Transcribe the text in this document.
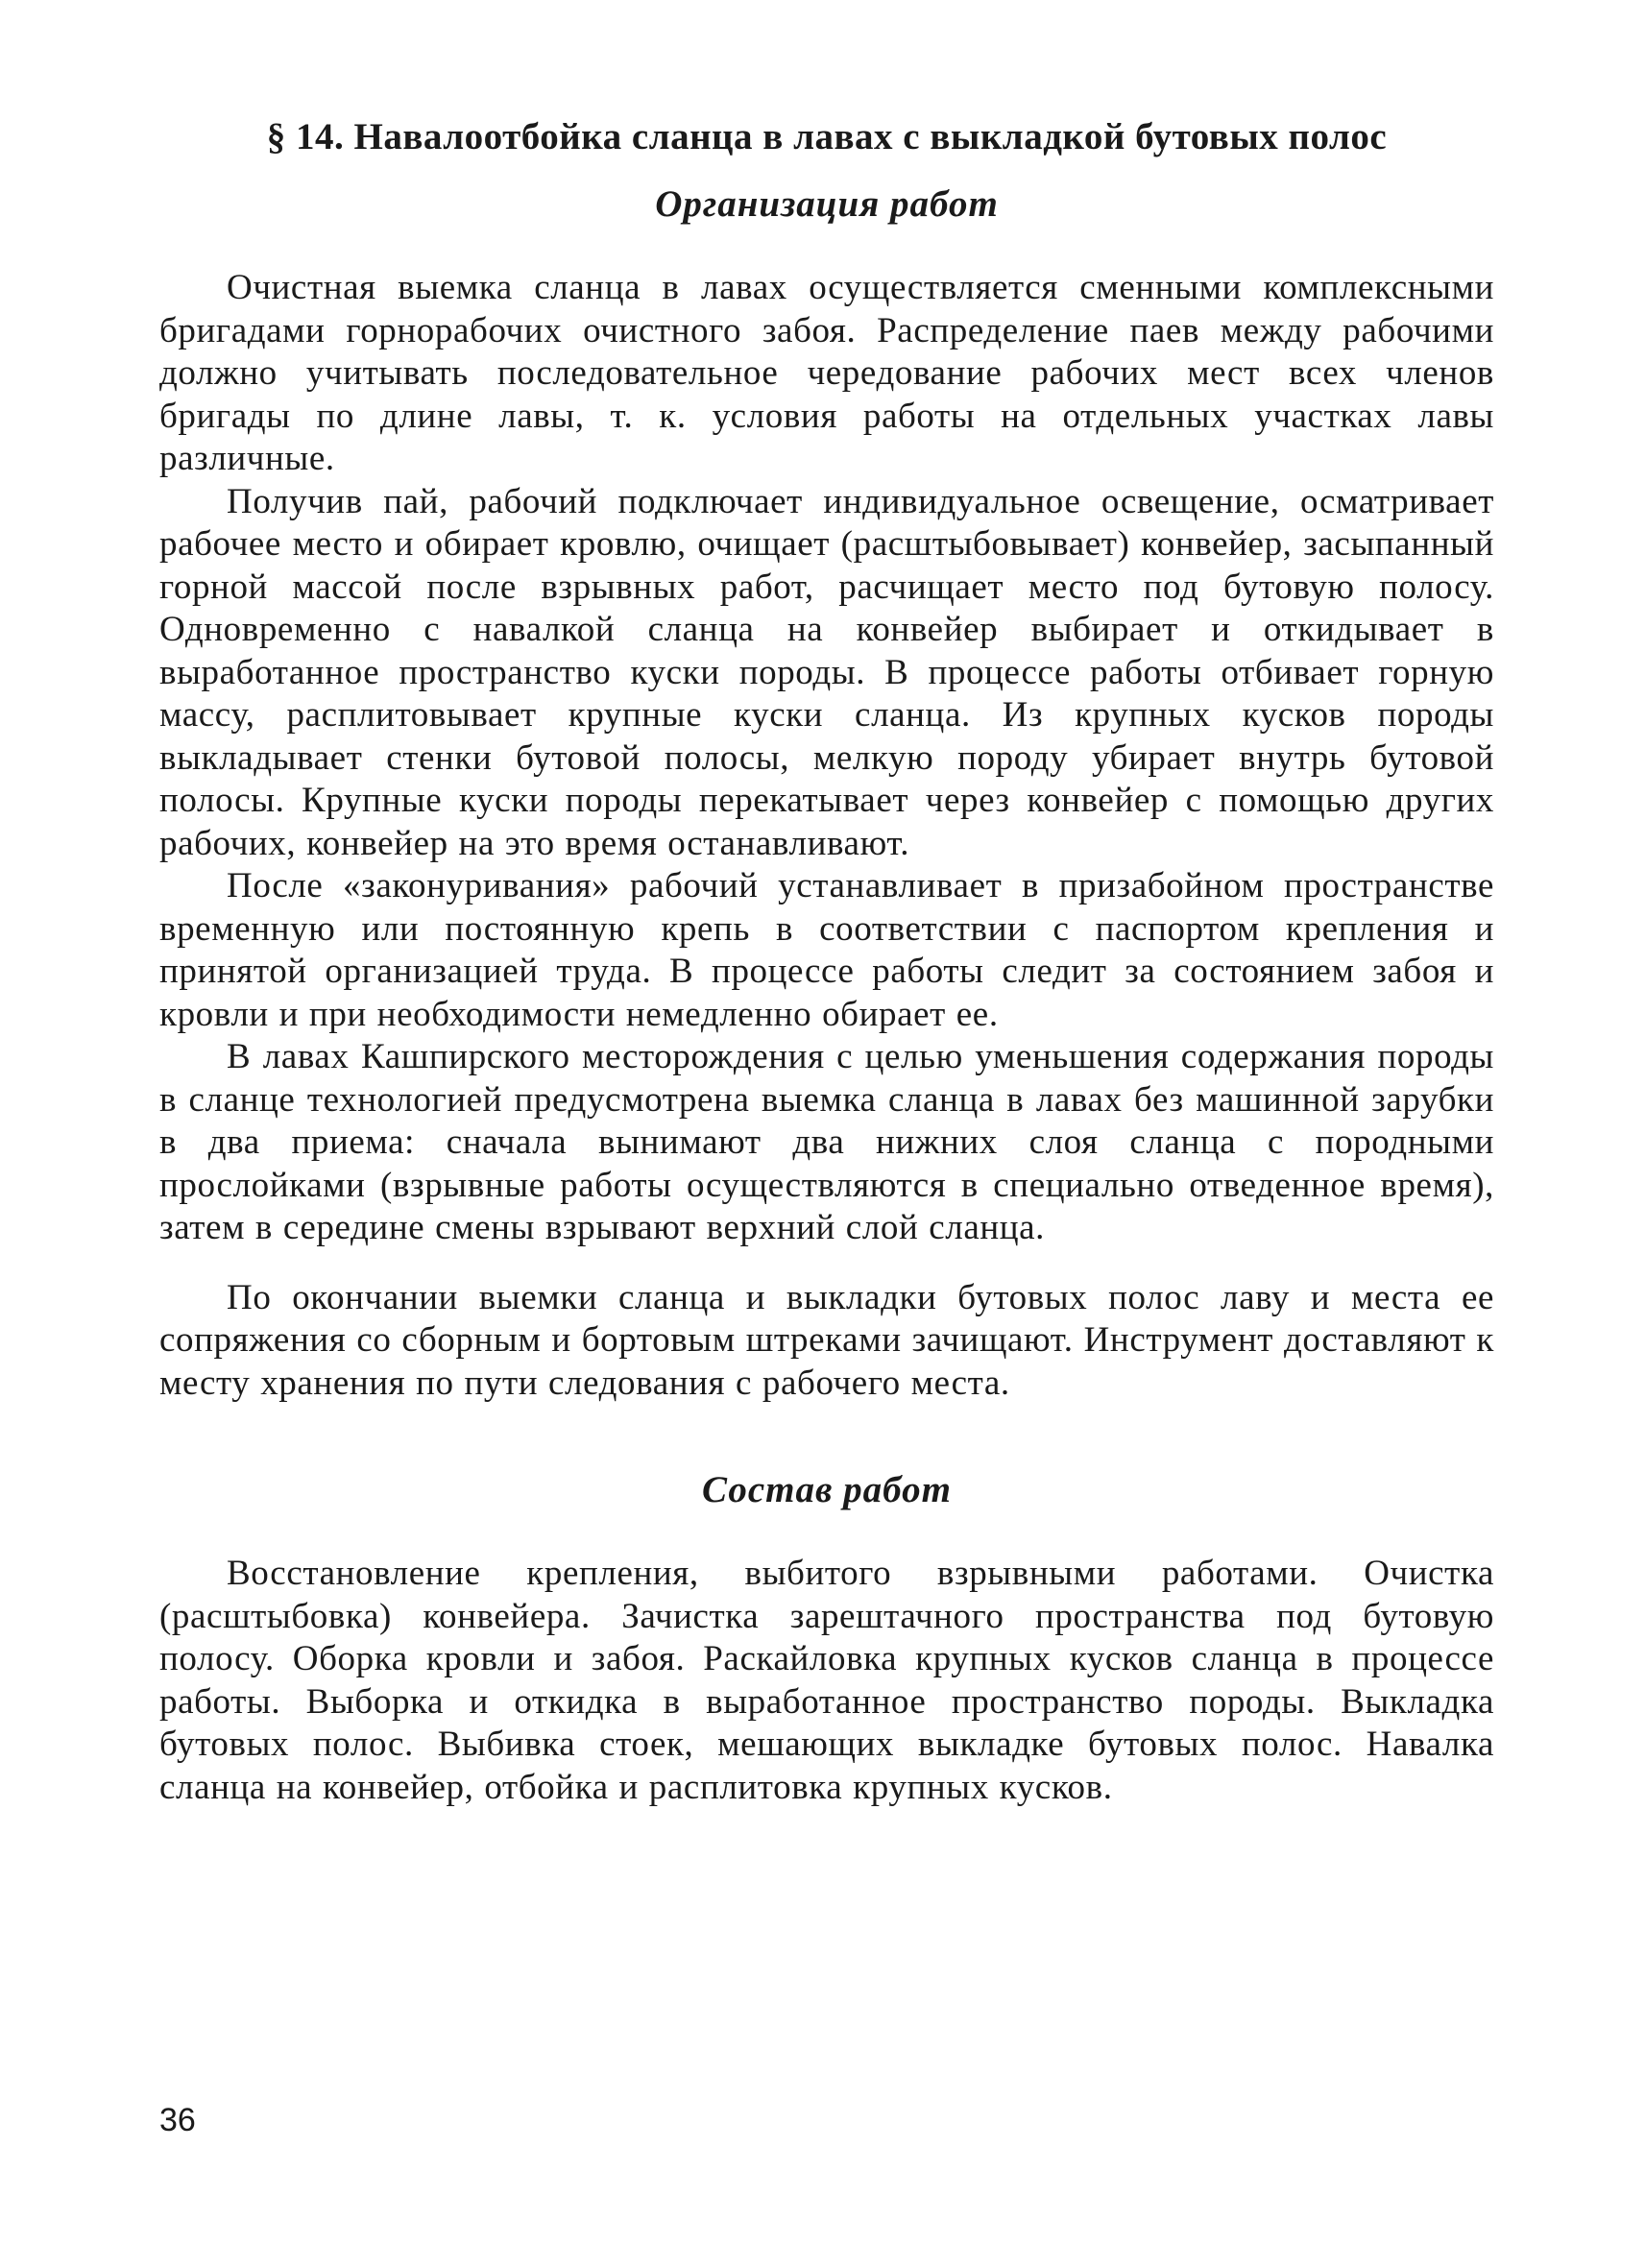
§ 14. Навалоотбойка сланца в лавах с выкладкой бутовых полос
Организация работ

Очистная выемка сланца в лавах осуществляется сменными комплексными бригадами горнорабочих очистного забоя. Распределение паев между рабочими должно учитывать последовательное чередование рабочих мест всех членов бригады по длине лавы, т. к. условия работы на отдельных участках лавы различные.

Получив пай, рабочий подключает индивидуальное освещение, осматривает рабочее место и обирает кровлю, очищает (расштыбовывает) конвейер, засыпанный горной массой после взрывных работ, расчищает место под бутовую полосу. Одновременно с навалкой сланца на конвейер выбирает и откидывает в выработанное пространство куски породы. В процессе работы отбивает горную массу, расплитовывает крупные куски сланца. Из крупных кусков породы выкладывает стенки бутовой полосы, мелкую породу убирает внутрь бутовой полосы. Крупные куски породы перекатывает через конвейер с помощью других рабочих, конвейер на это время останавливают.

После «законуривания» рабочий устанавливает в призабойном пространстве временную или постоянную крепь в соответствии с паспортом крепления и принятой организацией труда. В процессе работы следит за состоянием забоя и кровли и при необходимости немедленно обирает ее.

В лавах Кашпирского месторождения с целью уменьшения содержания породы в сланце технологией предусмотрена выемка сланца в лавах без машинной зарубки в два приема: сначала вынимают два нижних слоя сланца с породными прослойками (взрывные работы осуществляются в специально отведенное время), затем в середине смены взрывают верхний слой сланца.

По окончании выемки сланца и выкладки бутовых полос лаву и места ее сопряжения со сборным и бортовым штреками зачищают. Инструмент доставляют к месту хранения по пути следования с рабочего места.

Состав работ

Восстановление крепления, выбитого взрывными работами. Очистка (расштыбовка) конвейера. Зачистка зарештачного пространства под бутовую полосу. Оборка кровли и забоя. Раскайловка крупных кусков сланца в процессе работы. Выборка и откидка в выработанное пространство породы. Выкладка бутовых полос. Выбивка стоек, мешающих выкладке бутовых полос. Навалка сланца на конвейер, отбойка и расплитовка крупных кусков.

36
